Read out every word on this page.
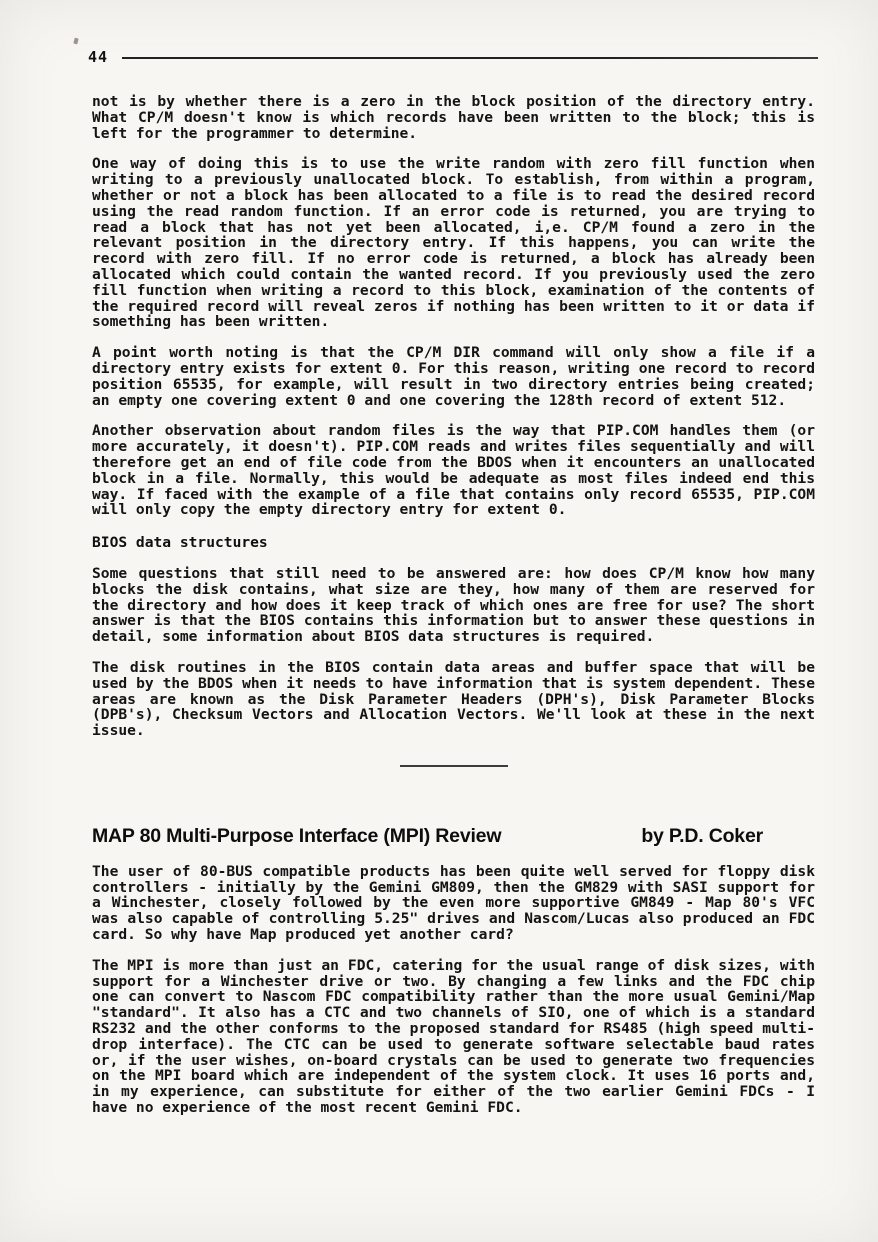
44

not is by whether there is a zero in the block position of the directory entry. What CP/M doesn't know is which records have been written to the block; this is left for the programmer to determine.

One way of doing this is to use the write random with zero fill function when writing to a previously unallocated block. To establish, from within a program, whether or not a block has been allocated to a file is to read the desired record using the read random function. If an error code is returned, you are trying to read a block that has not yet been allocated, i,e. CP/M found a zero in the relevant position in the directory entry. If this happens, you can write the record with zero fill. If no error code is returned, a block has already been allocated which could contain the wanted record. If you previously used the zero fill function when writing a record to this block, examination of the contents of the required record will reveal zeros if nothing has been written to it or data if something has been written.

A point worth noting is that the CP/M DIR command will only show a file if a directory entry exists for extent 0. For this reason, writing one record to record position 65535, for example, will result in two directory entries being created; an empty one covering extent 0 and one covering the 128th record of extent 512.

Another observation about random files is the way that PIP.COM handles them (or more accurately, it doesn't). PIP.COM reads and writes files sequentially and will therefore get an end of file code from the BDOS when it encounters an unallocated block in a file. Normally, this would be adequate as most files indeed end this way. If faced with the example of a file that contains only record 65535, PIP.COM will only copy the empty directory entry for extent 0.

BIOS data structures

Some questions that still need to be answered are: how does CP/M know how many blocks the disk contains, what size are they, how many of them are reserved for the directory and how does it keep track of which ones are free for use? The short answer is that the BIOS contains this information but to answer these questions in detail, some information about BIOS data structures is required.

The disk routines in the BIOS contain data areas and buffer space that will be used by the BDOS when it needs to have information that is system dependent. These areas are known as the Disk Parameter Headers (DPH's), Disk Parameter Blocks (DPB's), Checksum Vectors and Allocation Vectors. We'll look at these in the next issue.

MAP 80 Multi-Purpose Interface (MPI) Review	by P.D. Coker

The user of 80-BUS compatible products has been quite well served for floppy disk controllers - initially by the Gemini GM809, then the GM829 with SASI support for a Winchester, closely followed by the even more supportive GM849 - Map 80's VFC was also capable of controlling 5.25" drives and Nascom/Lucas also produced an FDC card. So why have Map produced yet another card?

The MPI is more than just an FDC, catering for the usual range of disk sizes, with support for a Winchester drive or two. By changing a few links and the FDC chip one can convert to Nascom FDC compatibility rather than the more usual Gemini/Map "standard". It also has a CTC and two channels of SIO, one of which is a standard RS232 and the other conforms to the proposed standard for RS485 (high speed multi-drop interface). The CTC can be used to generate software selectable baud rates or, if the user wishes, on-board crystals can be used to generate two frequencies on the MPI board which are independent of the system clock. It uses 16 ports and, in my experience, can substitute for either of the two earlier Gemini FDCs - I have no experience of the most recent Gemini FDC.
